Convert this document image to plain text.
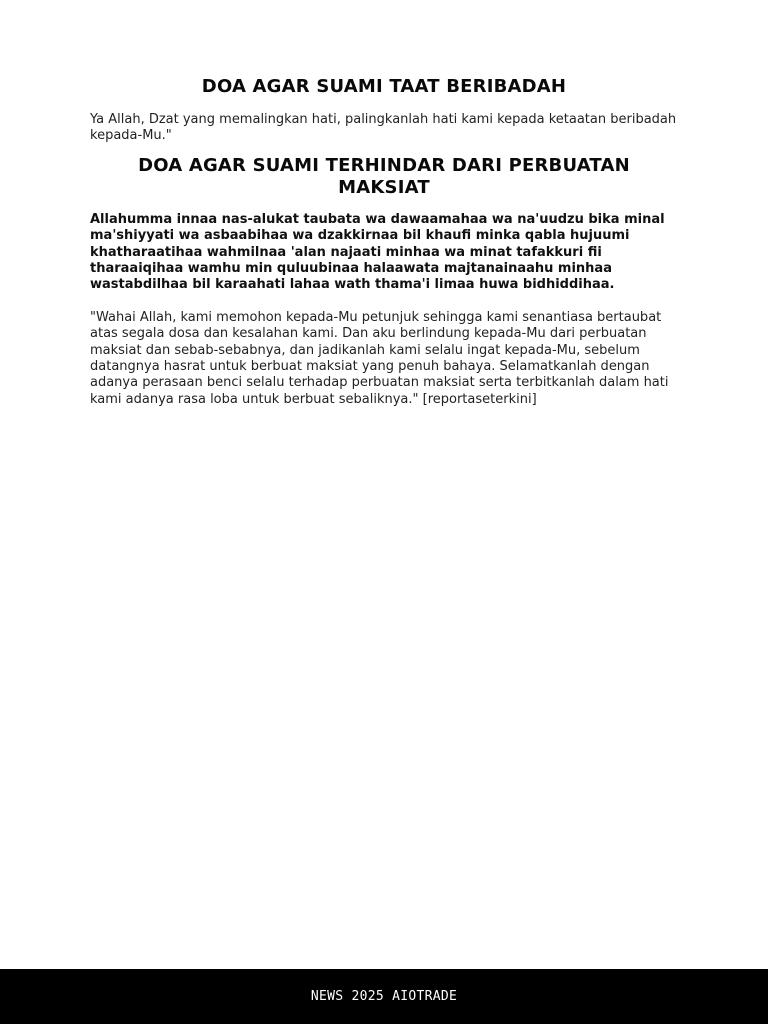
DOA AGAR SUAMI TAAT BERIBADAH

Ya Allah, Dzat yang memalingkan hati, palingkanlah hati kami kepada ketaatan beribadah kepada-Mu."

DOA AGAR SUAMI TERHINDAR DARI PERBUATAN MAKSIAT

Allahumma innaa nas-alukat taubata wa dawaamahaa wa na'uudzu bika minal ma'shiyyati wa asbaabihaa wa dzakkirnaa bil khaufi minka qabla hujuumi khatharaatihaa wahmilnaa 'alan najaati minhaa wa minat tafakkuri fii tharaaiqihaa wamhu min quluubinaa halaawata majtanainaahu minhaa wastabdilhaa bil karaahati lahaa wath thama'i limaa huwa bidhiddihaa.

"Wahai Allah, kami memohon kepada-Mu petunjuk sehingga kami senantiasa bertaubat atas segala dosa dan kesalahan kami. Dan aku berlindung kepada-Mu dari perbuatan maksiat dan sebab-sebabnya, dan jadikanlah kami selalu ingat kepada-Mu, sebelum datangnya hasrat untuk berbuat maksiat yang penuh bahaya. Selamatkanlah dengan adanya perasaan benci selalu terhadap perbuatan maksiat serta terbitkanlah dalam hati kami adanya rasa loba untuk berbuat sebaliknya." [reportaseterkini]

NEWS 2025 AIOTRADE
